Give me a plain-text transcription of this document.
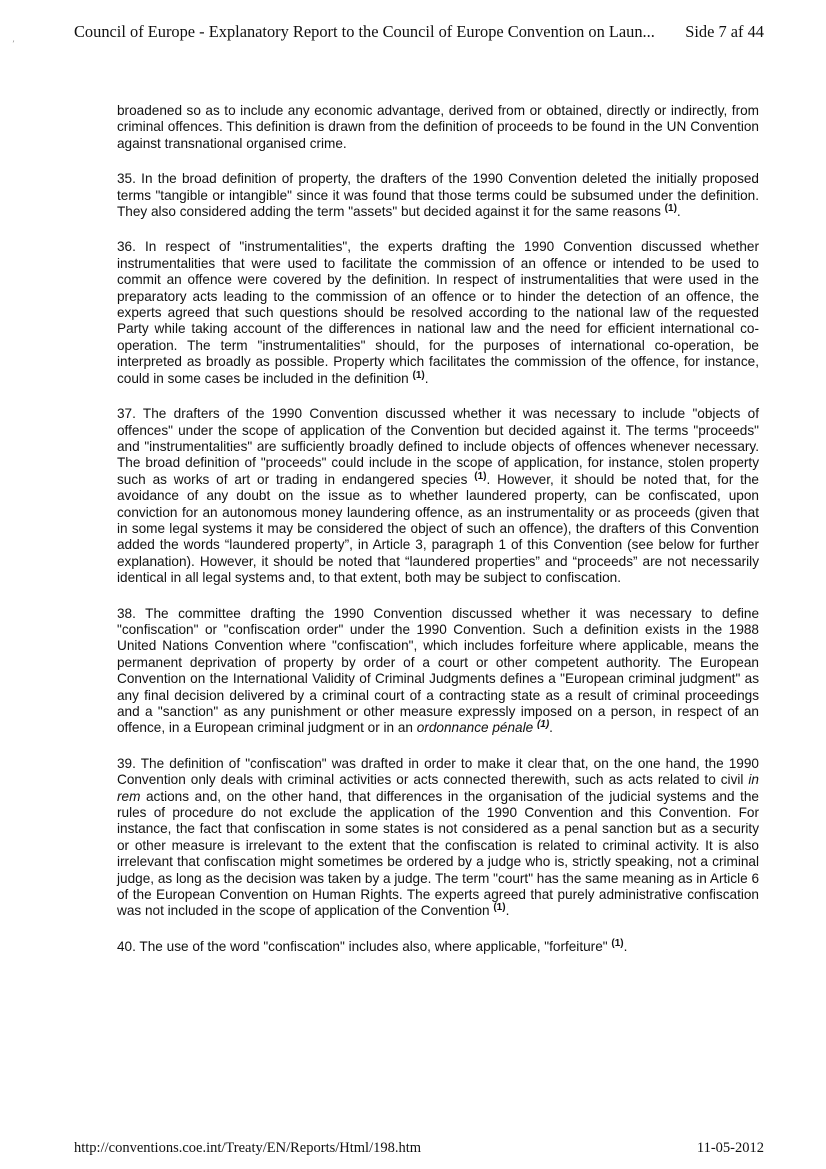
’
Council of Europe - Explanatory Report to the Council of Europe Convention on Laun... Side 7 af 44

broadened so as to include any economic advantage, derived from or obtained, directly or indirectly, from criminal offences. This definition is drawn from the definition of proceeds to be found in the UN Convention against transnational organised crime.

35. In the broad definition of property, the drafters of the 1990 Convention deleted the initially proposed terms "tangible or intangible" since it was found that those terms could be subsumed under the definition. They also considered adding the term "assets" but decided against it for the same reasons $^{(1)}$.

36. In respect of "instrumentalities", the experts drafting the 1990 Convention discussed whether instrumentalities that were used to facilitate the commission of an offence or intended to be used to commit an offence were covered by the definition. In respect of instrumentalities that were used in the preparatory acts leading to the commission of an offence or to hinder the detection of an offence, the experts agreed that such questions should be resolved according to the national law of the requested Party while taking account of the differences in national law and the need for efficient international co-operation. The term "instrumentalities" should, for the purposes of international co-operation, be interpreted as broadly as possible. Property which facilitates the commission of the offence, for instance, could in some cases be included in the definition $^{(1)}$.

37. The drafters of the 1990 Convention discussed whether it was necessary to include "objects of offences" under the scope of application of the Convention but decided against it. The terms "proceeds" and "instrumentalities" are sufficiently broadly defined to include objects of offences whenever necessary. The broad definition of "proceeds" could include in the scope of application, for instance, stolen property such as works of art or trading in endangered species $^{(1)}$. However, it should be noted that, for the avoidance of any doubt on the issue as to whether laundered property, can be confiscated, upon conviction for an autonomous money laundering offence, as an instrumentality or as proceeds (given that in some legal systems it may be considered the object of such an offence), the drafters of this Convention added the words “laundered property”, in Article 3, paragraph 1 of this Convention (see below for further explanation). However, it should be noted that “laundered properties” and “proceeds” are not necessarily identical in all legal systems and, to that extent, both may be subject to confiscation.

38. The committee drafting the 1990 Convention discussed whether it was necessary to define "confiscation" or "confiscation order" under the 1990 Convention. Such a definition exists in the 1988 United Nations Convention where "confiscation", which includes forfeiture where applicable, means the permanent deprivation of property by order of a court or other competent authority. The European Convention on the International Validity of Criminal Judgments defines a "European criminal judgment" as any final decision delivered by a criminal court of a contracting state as a result of criminal proceedings and a "sanction" as any punishment or other measure expressly imposed on a person, in respect of an offence, in a European criminal judgment or in an ordonnance pénale $^{(1)}$.

39. The definition of "confiscation" was drafted in order to make it clear that, on the one hand, the 1990 Convention only deals with criminal activities or acts connected therewith, such as acts related to civil in rem actions and, on the other hand, that differences in the organisation of the judicial systems and the rules of procedure do not exclude the application of the 1990 Convention and this Convention. For instance, the fact that confiscation in some states is not considered as a penal sanction but as a security or other measure is irrelevant to the extent that the confiscation is related to criminal activity. It is also irrelevant that confiscation might sometimes be ordered by a judge who is, strictly speaking, not a criminal judge, as long as the decision was taken by a judge. The term "court" has the same meaning as in Article 6 of the European Convention on Human Rights. The experts agreed that purely administrative confiscation was not included in the scope of application of the Convention $^{(1)}$.

40. The use of the word "confiscation" includes also, where applicable, "forfeiture" $^{(1)}$.

http://conventions.coe.int/Treaty/EN/Reports/Html/198.htm	11-05-2012
